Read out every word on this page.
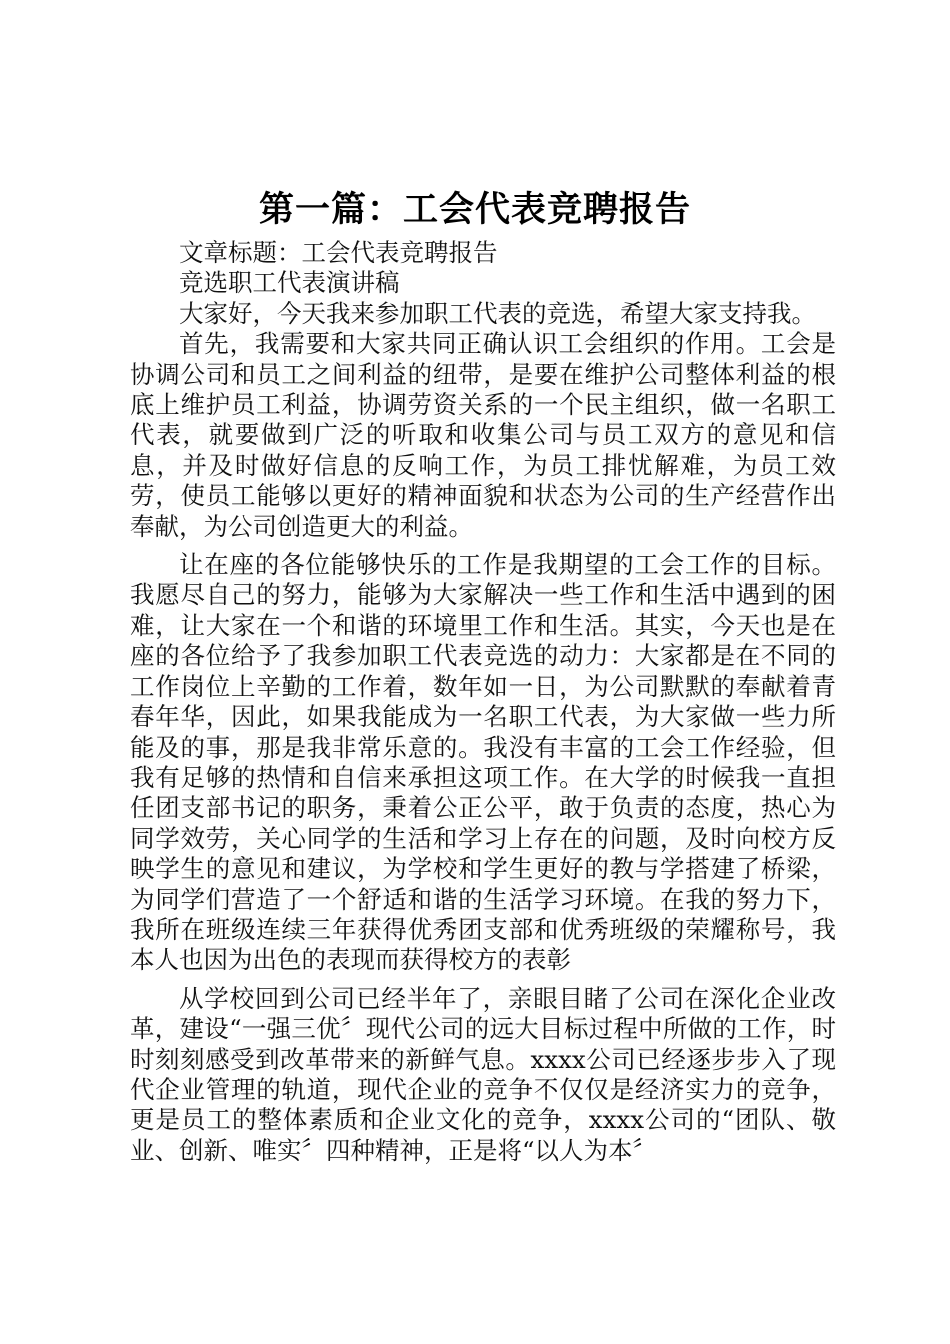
第一篇：工会代表竞聘报告

文章标题：工会代表竞聘报告

竞选职工代表演讲稿

大家好，今天我来参加职工代表的竞选，希望大家支持我。

首先，我需要和大家共同正确认识工会组织的作用。工会是协调公司和员工之间利益的纽带，是要在维护公司整体利益的根底上维护员工利益，协调劳资关系的一个民主组织，做一名职工代表，就要做到广泛的听取和收集公司与员工双方的意见和信息，并及时做好信息的反响工作，为员工排忧解难，为员工效劳，使员工能够以更好的精神面貌和状态为公司的生产经营作出奉献，为公司创造更大的利益。

让在座的各位能够快乐的工作是我期望的工会工作的目标。我愿尽自己的努力，能够为大家解决一些工作和生活中遇到的困难，让大家在一个和谐的环境里工作和生活。其实，今天也是在座的各位给予了我参加职工代表竞选的动力：大家都是在不同的工作岗位上辛勤的工作着，数年如一日，为公司默默的奉献着青春年华，因此，如果我能成为一名职工代表，为大家做一些力所能及的事，那是我非常乐意的。我没有丰富的工会工作经验，但我有足够的热情和自信来承担这项工作。在大学的时候我一直担任团支部书记的职务，秉着公正公平，敢于负责的态度，热心为同学效劳，关心同学的生活和学习上存在的问题，及时向校方反映学生的意见和建议，为学校和学生更好的教与学搭建了桥梁，为同学们营造了一个舒适和谐的生活学习环境。在我的努力下，我所在班级连续三年获得优秀团支部和优秀班级的荣耀称号，我本人也因为出色的表现而获得校方的表彰

从学校回到公司已经半年了，亲眼目睹了公司在深化企业改革，建设“一强三优〞现代公司的远大目标过程中所做的工作，时时刻刻感受到改革带来的新鲜气息。xxxx公司已经逐步步入了现代企业管理的轨道，现代企业的竞争不仅仅是经济实力的竞争，更是员工的整体素质和企业文化的竞争，xxxx公司的“团队、敬业、创新、唯实〞四种精神，正是将“以人为本〞
